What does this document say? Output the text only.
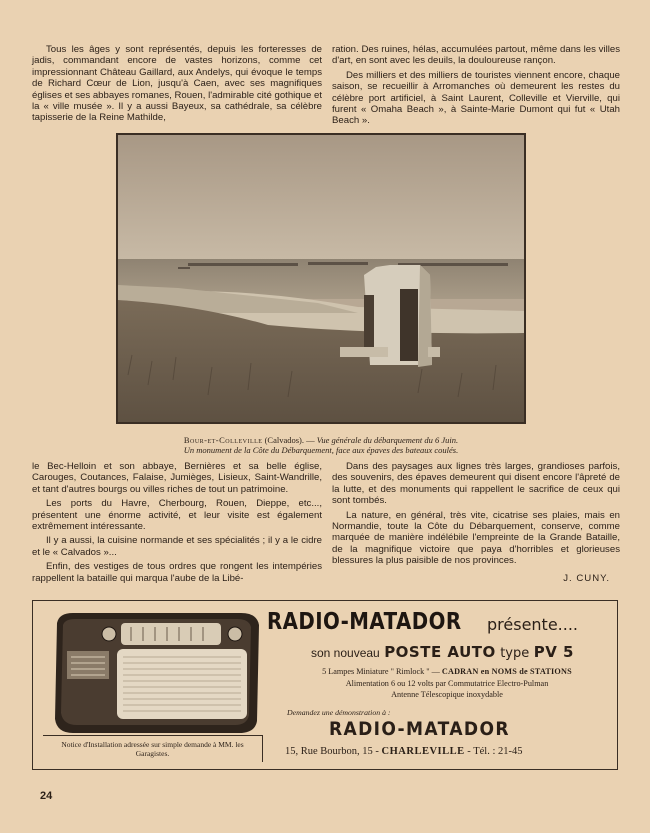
Tous les âges y sont représentés, depuis les forteresses de jadis, commandant encore de vastes horizons, comme cet impressionnant Château Gaillard, aux Andelys, qui évoque le temps de Richard Cœur de Lion, jusqu'à Caen, avec ses magnifiques églises et ses abbayes romanes, Rouen, l'admirable cité gothique et la « ville musée ». Il y a aussi Bayeux, sa cathédrale, sa célèbre tapisserie de la Reine Mathilde,

ration. Des ruines, hélas, accumulées partout, même dans les villes d'art, en sont avec les deuils, la douloureuse rançon.

Des milliers et des milliers de touristes viennent encore, chaque saison, se recueillir à Arromanches où demeurent les restes du célèbre port artificiel, à Saint Laurent, Colleville et Vierville, qui furent « Omaha Beach », à Sainte-Marie Dumont qui fut « Utah Beach ».

Bour-et-Colleville (Calvados). — Vue générale du débarquement du 6 Juin.
Un monument de la Côte du Débarquement, face aux épaves des bateaux coulés.

le Bec-Helloin et son abbaye, Bernières et sa belle église, Carouges, Coutances, Falaise, Jumièges, Lisieux, Saint-Wandrille, et tant d'autres bourgs ou villes riches de tout un patrimoine.

Les ports du Havre, Cherbourg, Rouen, Dieppe, etc..., présentent une énorme activité, et leur visite est également extrêmement intéressante.

Il y a aussi, la cuisine normande et ses spécialités ; il y a le cidre et le « Calvados »...

Enfin, des vestiges de tous ordres que rongent les intempéries rappellent la bataille qui marqua l'aube de la Libé-

Dans des paysages aux lignes très larges, grandioses parfois, des souvenirs, des épaves demeurent qui disent encore l'âpreté de la lutte, et des monuments qui rappellent le sacrifice de ceux qui sont tombés.

La nature, en général, très vite, cicatrise ses plaies, mais en Normandie, toute la Côte du Débarquement, conserve, comme marquée de manière indélébile l'empreinte de la Grande Bataille, de la magnifique victoire que paya d'horribles et glorieuses blessures la plus paisible de nos provinces.

J. CUNY.

Notice d'Installation adressée sur simple demande à MM. les Garagistes.
RADIO-MATADOR présente....
son nouveau POSTE AUTO type PV 5
5 Lampes Miniature " Rimlock " — CADRAN en NOMS de STATIONS
Alimentation 6 ou 12 volts par Commutatrice Electro-Pulman
Antenne Télescopique inoxydable
Demandez une démonstration à :
RADIO-MATADOR
15, Rue Bourbon, 15 - CHARLEVILLE - Tél. : 21-45
24
